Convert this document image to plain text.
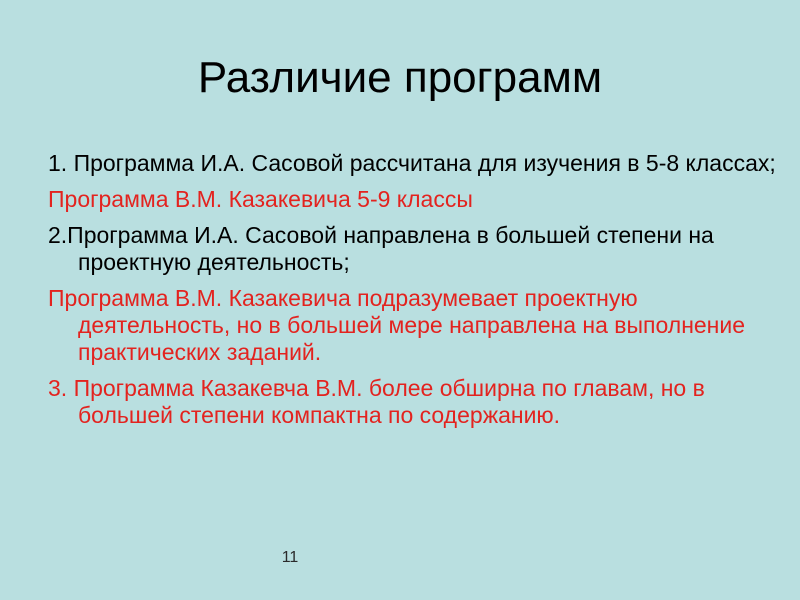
Различие программ

1. Программа И.А. Сасовой рассчитана для изучения в 5-8 классах;

Программа В.М. Казакевича 5-9 классы

2.Программа И.А. Сасовой направлена в большей степени на проектную деятельность;

Программа В.М. Казакевича подразумевает проектную деятельность, но в большей мере направлена на выполнение практических заданий.

3. Программа Казакевча В.М. более обширна по главам, но в большей степени компактна по содержанию.

11
